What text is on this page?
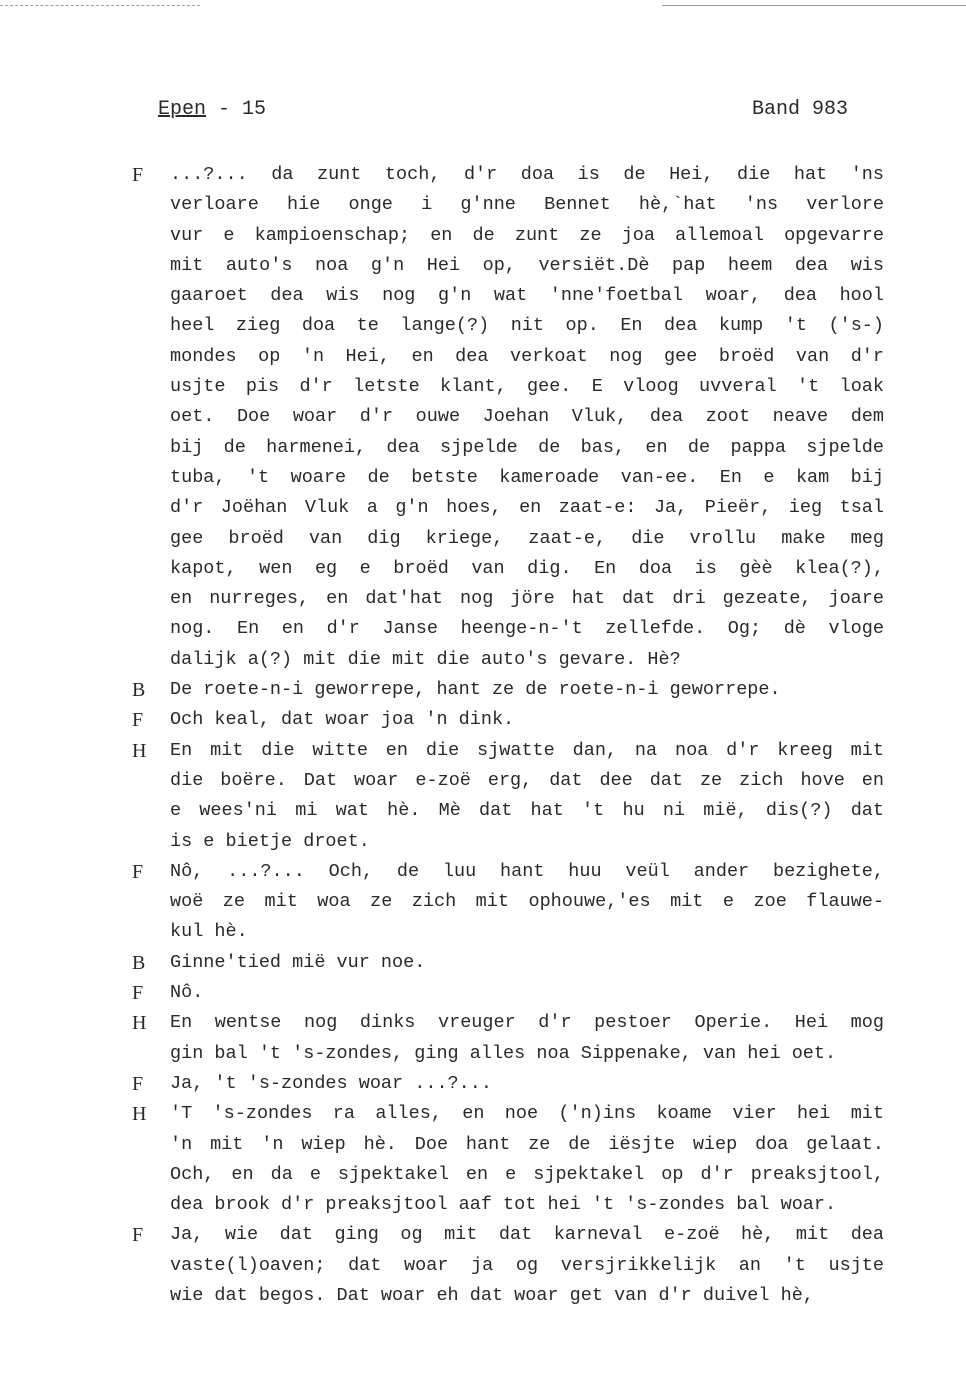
Epen - 15	Band 983
F ...?... da zunt toch, d'r doa is de Hei, die hat 'ns
verloare hie onge i g'nne Bennet hè,`hat 'ns verlore
vur e kampioenschap; en de zunt ze joa allemoal opgevarre
mit auto's noa g'n Hei op, versiët.Dè pap heem dea wis
gaaroet dea wis nog g'n wat 'nne'foetbal woar, dea hool
heel zieg doa te lange(?) nit op. En dea kump 't ('s-)
mondes op 'n Hei, en dea verkoat nog gee broëd van d'r
usjte pis d'r letste klant, gee. E vloog uvveral 't loak
oet. Doe woar d'r ouwe Joehan Vluk, dea zoot neave dem
bij de harmenei, dea sjpelde de bas, en de pappa sjpelde
tuba, 't woare de betste kameroade van-ee. En e kam bij
d'r Joëhan Vluk a g'n hoes, en zaat-e: Ja, Pieër, ieg tsal
gee broëd van dig kriege, zaat-e, die vrollu make meg
kapot, wen eg e broëd van dig. En doa is gèè klea(?),
en nurreges, en dat'hat nog jöre hat dat dri gezeate, joare
nog. En en d'r Janse heenge-n-'t zellefde. Og; dè vloge
dalijk a(?) mit die mit die auto's gevare. Hè?
B De roete-n-i geworrepe, hant ze de roete-n-i geworrepe.
F Och keal, dat woar joa 'n dink.
H En mit die witte en die sjwatte dan, na noa d'r kreeg mit
die boëre. Dat woar e-zoë erg, dat dee dat ze zich hove en
e wees'ni mi wat hè. Mè dat hat 't hu ni mië, dis(?) dat
is e bietje droet.
F Nô, ...?... Och, de luu hant huu veül ander bezighete,
woë ze mit woa ze zich mit ophouwe,'es mit e zoe flauwe-
kul hè.
B Ginne'tied mië vur noe.
F Nô.
H En wentse nog dinks vreuger d'r pestoer Operie. Hei mog
gin bal 't 's-zondes, ging alles noa Sippenake, van hei oet.
F Ja, 't 's-zondes woar ...?...
H 'T 's-zondes ra alles, en noe ('n)ins koame vier hei mit
'n mit 'n wiep hè. Doe hant ze de iësjte wiep doa gelaat.
Och, en da e sjpektakel en e sjpektakel op d'r preaksjtool,
dea brook d'r preaksjtool aaf tot hei 't 's-zondes bal woar.
F Ja, wie dat ging og mit dat karneval e-zoë hè, mit dea
vaste(l)oaven; dat woar ja og versjrikkelijk an 't usjte
wie dat begos. Dat woar eh dat woar get van d'r duivel hè,
